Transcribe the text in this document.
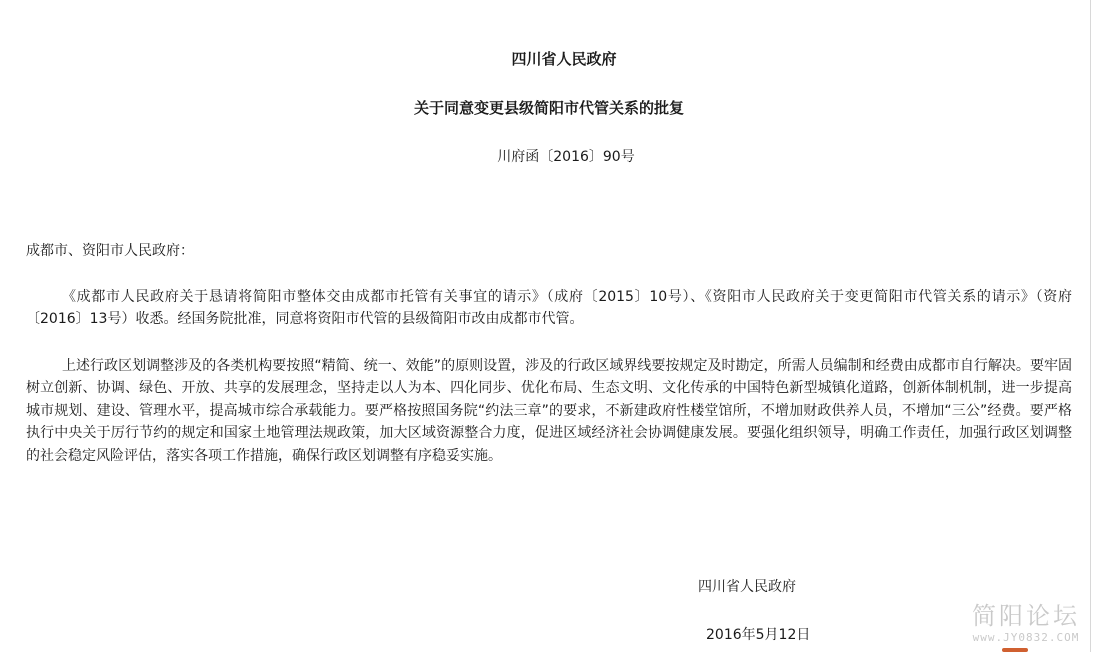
四川省人民政府
关于同意变更县级简阳市代管关系的批复
川府函〔2016〕90号
成都市、资阳市人民政府：
《成都市人民政府关于恳请将简阳市整体交由成都市托管有关事宜的请示》（成府〔2015〕10号）、《资阳市人民政府关于变更简阳市代管关系的请示》（资府〔2016〕13号）收悉。经国务院批准，同意将资阳市代管的县级简阳市改由成都市代管。
上述行政区划调整涉及的各类机构要按照“精简、统一、效能”的原则设置，涉及的行政区域界线要按规定及时勘定，所需人员编制和经费由成都市自行解决。要牢固树立创新、协调、绿色、开放、共享的发展理念，坚持走以人为本、四化同步、优化布局、生态文明、文化传承的中国特色新型城镇化道路，创新体制机制，进一步提高城市规划、建设、管理水平，提高城市综合承载能力。要严格按照国务院“约法三章”的要求，不新建政府性楼堂馆所，不增加财政供养人员，不增加“三公”经费。要严格执行中央关于厉行节约的规定和国家土地管理法规政策，加大区域资源整合力度，促进区域经济社会协调健康发展。要强化组织领导，明确工作责任，加强行政区划调整的社会稳定风险评估，落实各项工作措施，确保行政区划调整有序稳妥实施。
四川省人民政府
2016年5月12日
简阳论坛
www.JY0832.COM
